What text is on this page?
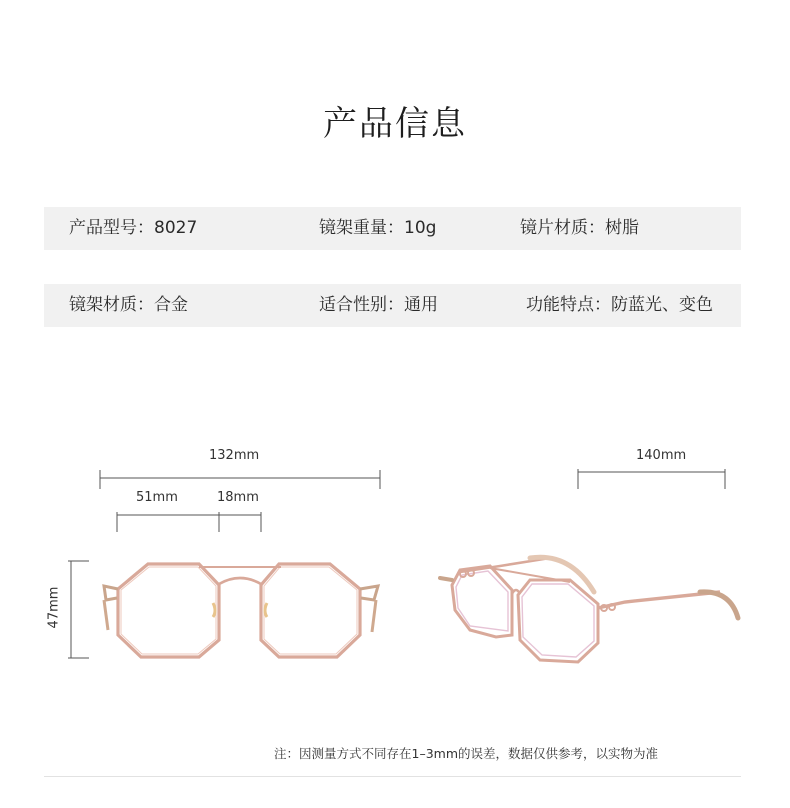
产品信息
产品型号：8027	镜架重量：10g	镜片材质：树脂
镜架材质：合金	适合性别：通用	功能特点：防蓝光、变色
132mm
51mm	18mm
47mm
140mm
注：因测量方式不同存在1–3mm的误差，数据仅供参考，以实物为准
